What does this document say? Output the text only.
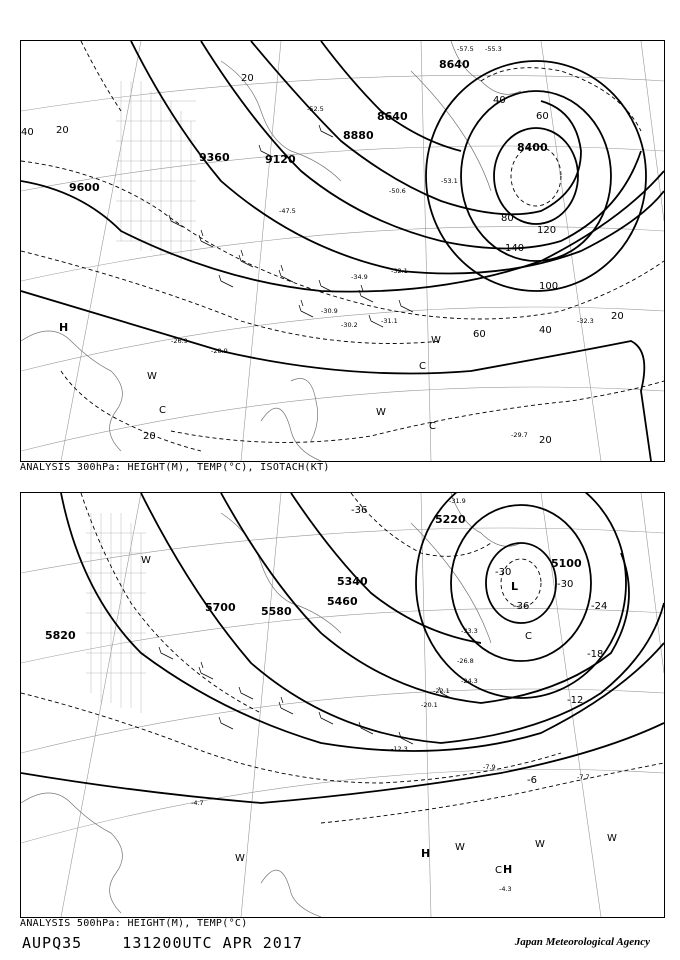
9600
9360	9120
8880
8640
8640
8400
20
40
20
40
60
80
100
120
140
40
60
20
20	20
-32.1
-30.9
-31.1
-30.2
-28.9
-26.9
-29.7
-32.3
-53.1
-50.6
-47.5
-55.3
-52.5
-57.5
-34.9
H
W
C	W
C
W
C
ANALYSIS 300hPa: HEIGHT(M), TEMP(°C), ISOTACH(KT)
5820
5700 5580
5460
5340
5220
5100
-36
-30
-30
-36	-24
-18
-12
-6
-7.9
-7.7
-4.7
-4.3
-12.3
-20.1
-22.1
-24.3
-26.8
-31.9
-33.3
L
C
W
W	H W	W
W
C H
ANALYSIS 500hPa: HEIGHT(M), TEMP(°C)
AUPQ35    131200UTC APR 2017	Japan Meteorological Agency
